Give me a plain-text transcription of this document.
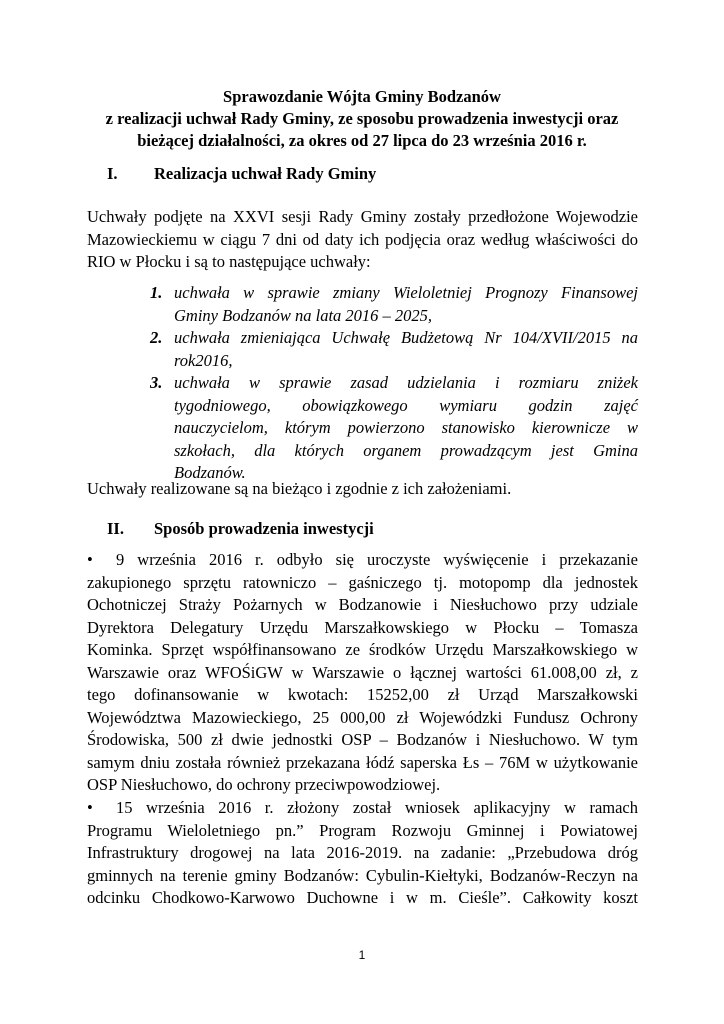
Sprawozdanie Wójta Gminy Bodzanów
z realizacji uchwał Rady Gminy, ze sposobu prowadzenia inwestycji oraz
bieżącej działalności, za okres od 27 lipca do 23 września 2016 r.
I. Realizacja uchwał Rady Gminy
Uchwały podjęte na XXVI sesji Rady Gminy zostały przedłożone Wojewodzie
Mazowieckiemu w ciągu 7 dni od daty ich podjęcia oraz według właściwości do
RIO w Płocku i są to następujące uchwały:
1. uchwała w sprawie zmiany Wieloletniej Prognozy Finansowej
Gminy Bodzanów na lata 2016 – 2025,
2. uchwała zmieniająca Uchwałę Budżetową Nr 104/XVII/2015 na
rok2016,
3. uchwała w sprawie zasad udzielania i rozmiaru zniżek
tygodniowego, obowiązkowego wymiaru godzin zajęć
nauczycielom, którym powierzono stanowisko kierownicze w
szkołach, dla których organem prowadzącym jest Gmina
Bodzanów.
Uchwały realizowane są na bieżąco i zgodnie z ich założeniami.
II. Sposób prowadzenia inwestycji
•	9 września 2016 r. odbyło się uroczyste wyświęcenie i przekazanie
zakupionego sprzętu ratowniczo – gaśniczego tj. motopomp dla jednostek
Ochotniczej Straży Pożarnych w Bodzanowie i Niesłuchowo przy udziale
Dyrektora Delegatury Urzędu Marszałkowskiego w Płocku – Tomasza
Kominka. Sprzęt współfinansowano ze środków Urzędu Marszałkowskiego w
Warszawie oraz WFOŚiGW w Warszawie o łącznej wartości 61.008,00 zł, z
tego dofinansowanie w kwotach: 15252,00 zł Urząd Marszałkowski
Województwa Mazowieckiego, 25 000,00 zł Wojewódzki Fundusz Ochrony
Środowiska, 500 zł dwie jednostki OSP – Bodzanów i Niesłuchowo. W tym
samym dniu została również przekazana łódź saperska Łs – 76M w użytkowanie
OSP Niesłuchowo, do ochrony przeciwpowodziowej.
•	15 września 2016 r. złożony został wniosek aplikacyjny w ramach
Programu Wieloletniego pn.” Program Rozwoju Gminnej i Powiatowej
Infrastruktury drogowej na lata 2016-2019. na zadanie: „Przebudowa dróg
gminnych na terenie gminy Bodzanów: Cybulin-Kiełtyki, Bodzanów-Reczyn na
odcinku Chodkowo-Karwowo Duchowne i w m. Cieśle”. Całkowity koszt
1
